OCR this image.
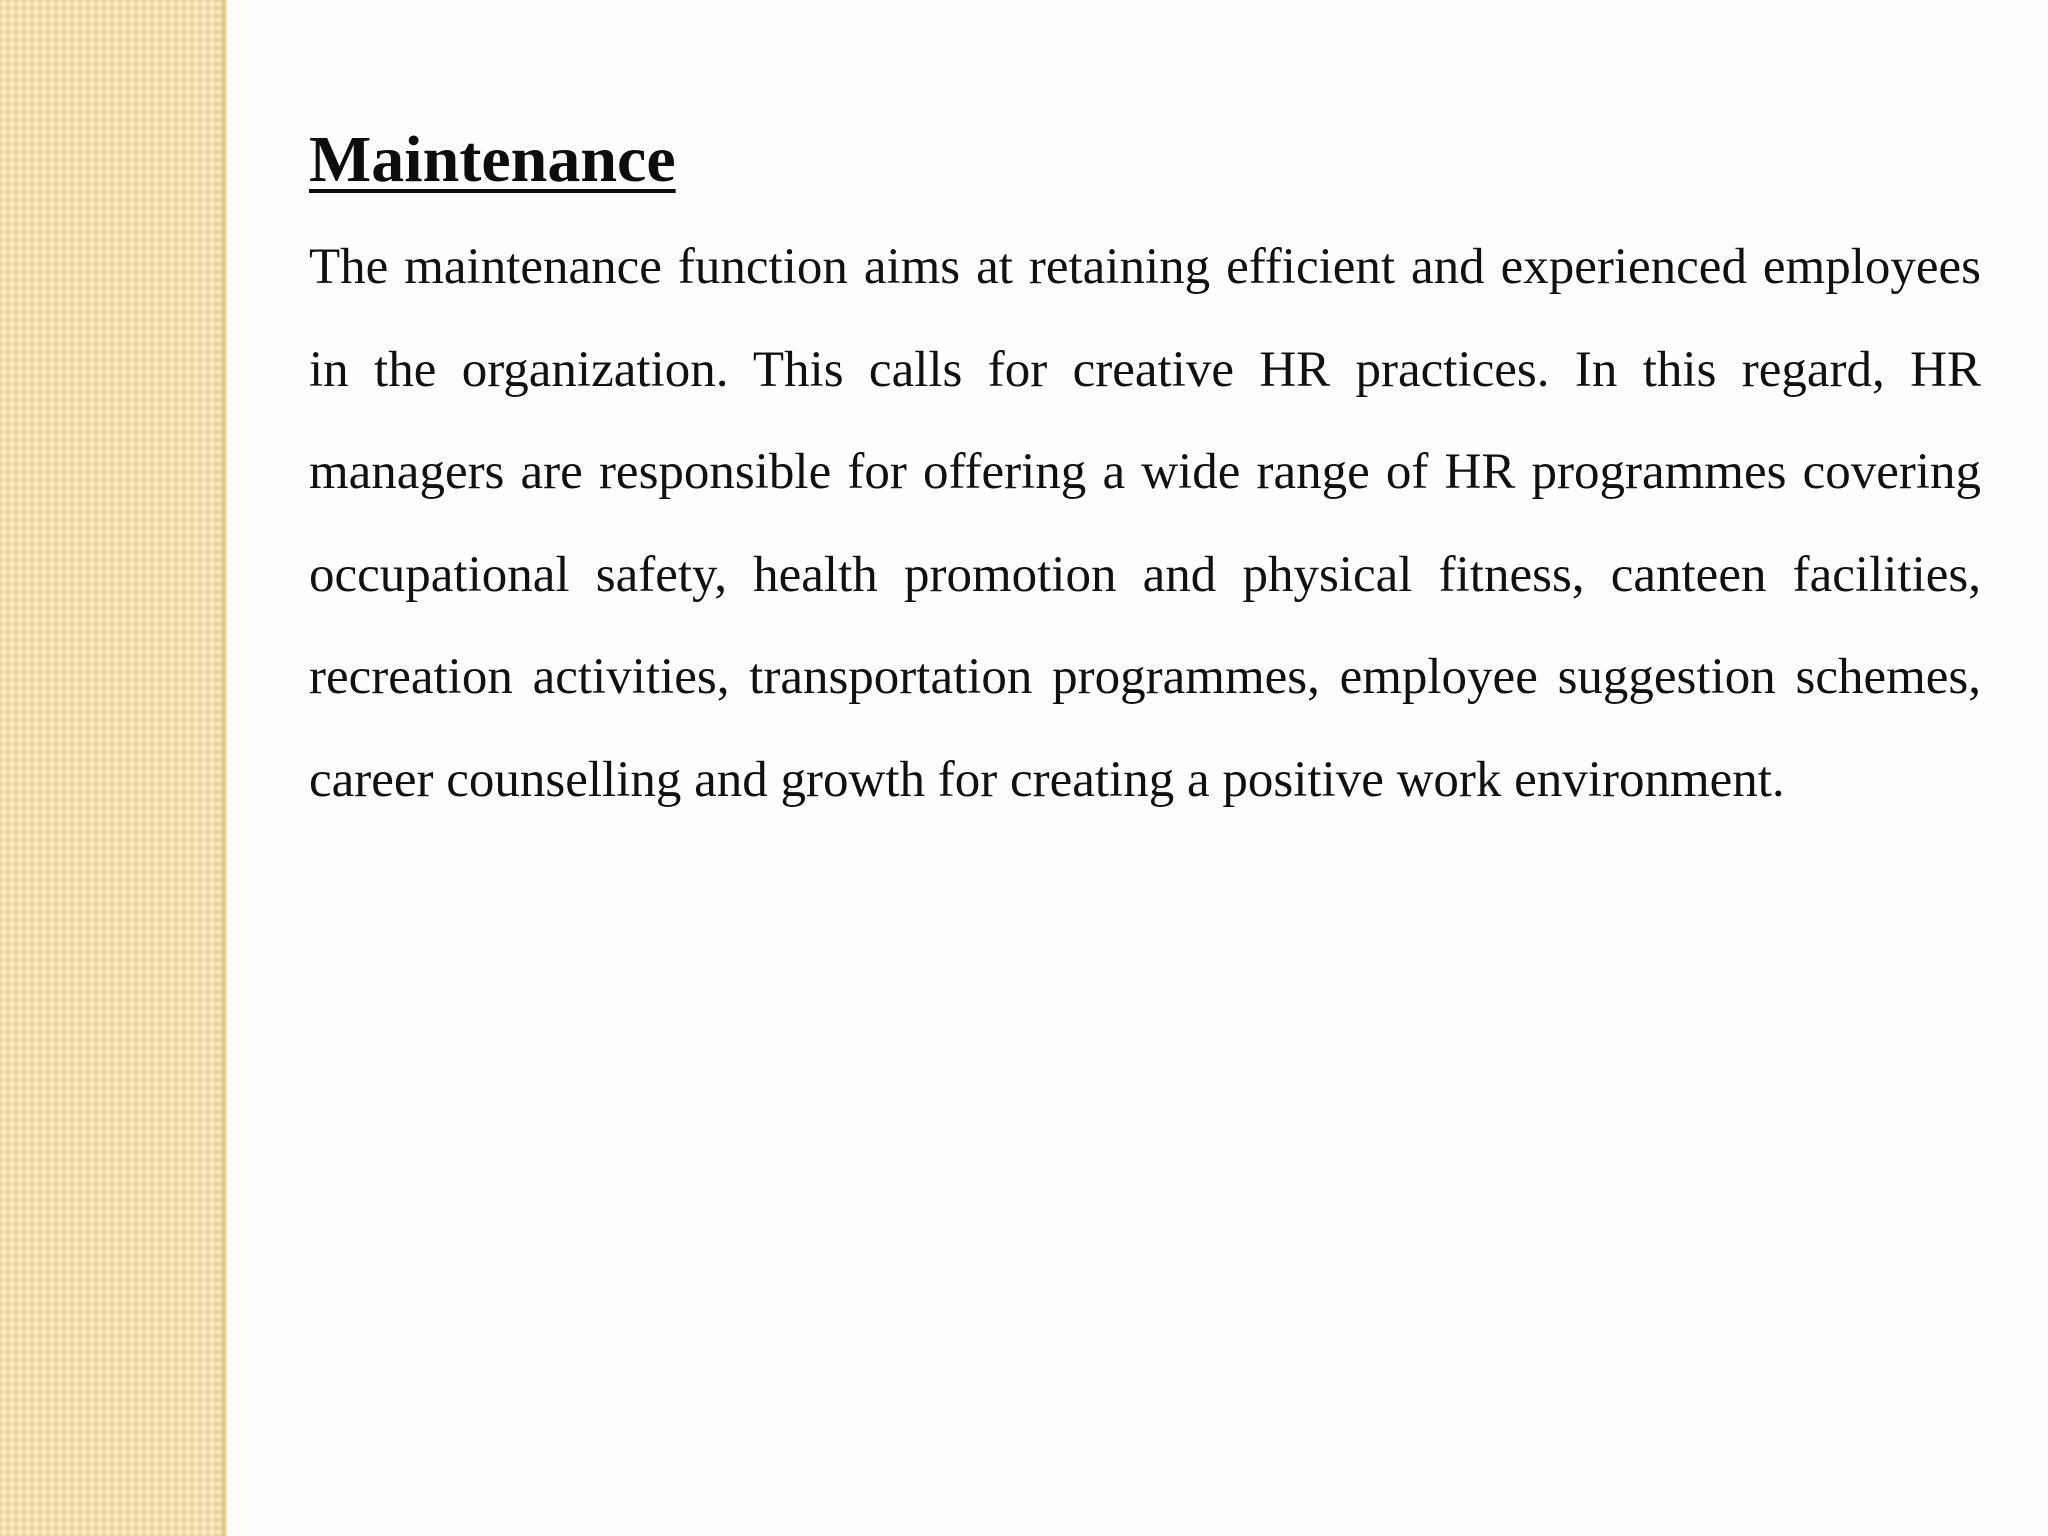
Maintenance

The maintenance function aims at retaining efficient and experienced employees in the organization. This calls for creative HR practices. In this regard, HR managers are responsible for offering a wide range of HR programmes covering occupational safety, health promotion and physical fitness, canteen facilities, recreation activities, transportation programmes, employee suggestion schemes, career counselling and growth for creating a positive work environment.
